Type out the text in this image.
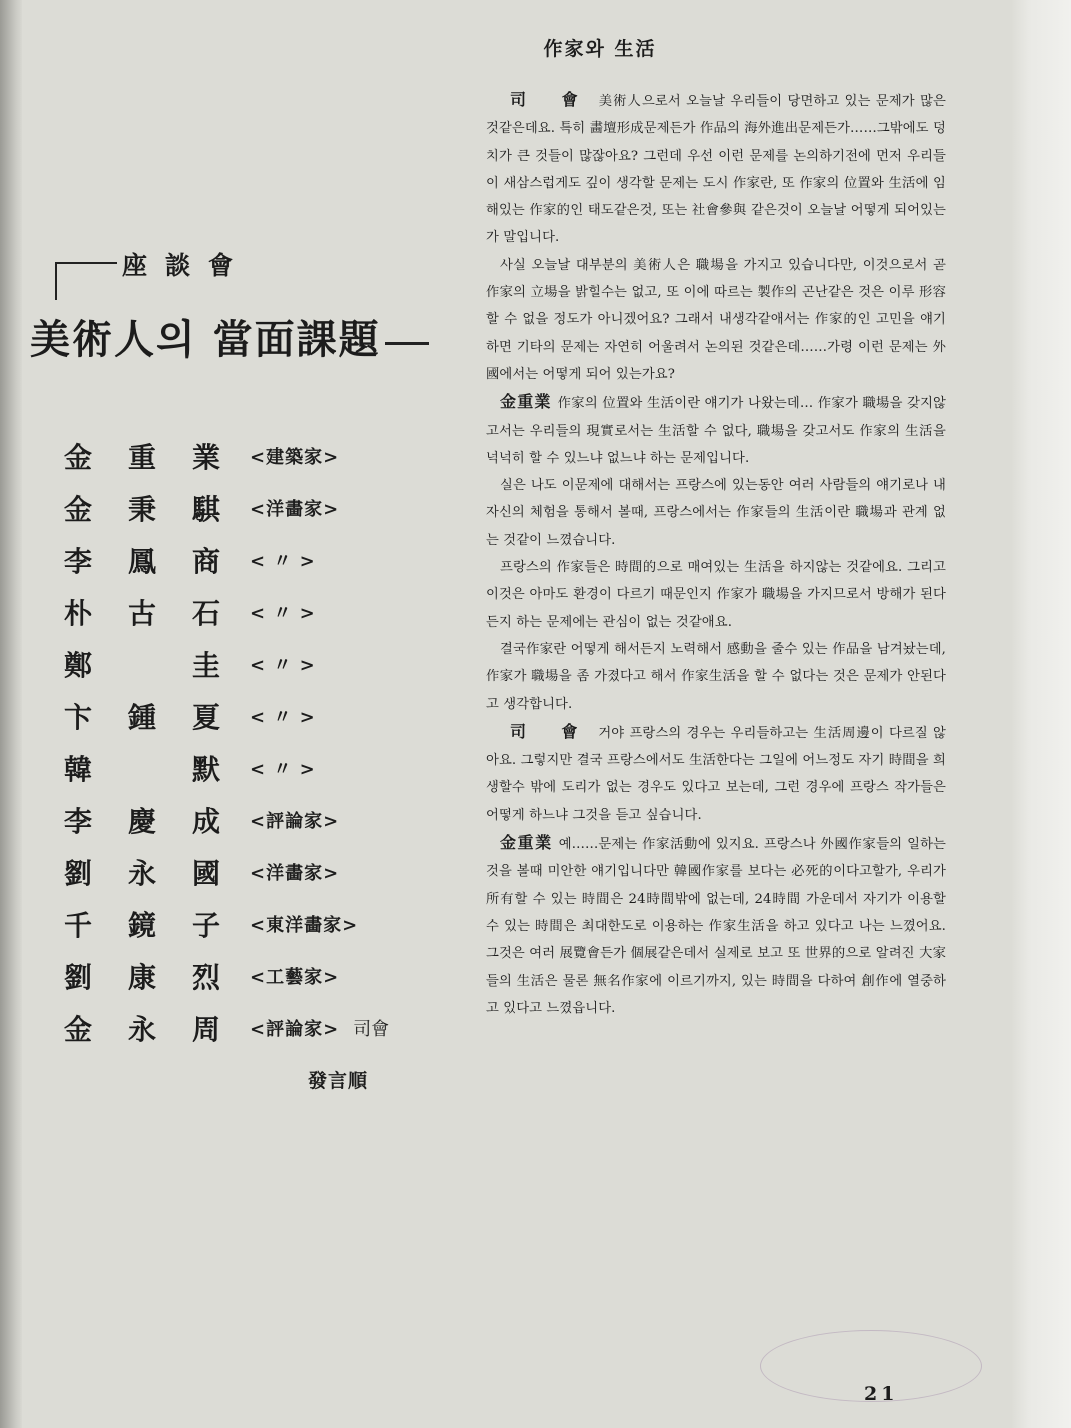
作家와 生活
座談會
美術人의 當面課題
金 重 業 <建築家>
金 秉 騏 <洋畵家>
李 鳳 商 < 〃 >
朴 古 石 < 〃 >
鄭	圭 < 〃 >
卞 鍾 夏 < 〃 >
韓	默 < 〃 >
李 慶 成 <評論家>
劉 永 國 <洋畵家>
千 鏡 子 <東洋畵家>
劉 康 烈 <工藝家>
金 永 周 <評論家> 司會
發言順

司 會 美術人으로서 오늘날 우리들이 당면하고 있는 문제가 많은 것같은데요. 특히 畵壇形成문제든가 作品의 海外進出문제든가……그밖에도 덩치가 큰 것들이 많잖아요? 그런데 우선 이런 문제를 논의하기전에 먼저 우리들이 새삼스럽게도 깊이 생각할 문제는 도시 作家란, 또 作家의 位置와 生活에 임해있는 作家的인 태도같은것, 또는 社會參與 같은것이 오늘날 어떻게 되어있는가 말입니다.

사실 오늘날 대부분의 美術人은 職場을 가지고 있습니다만, 이것으로서 곧 作家의 立場을 밝힐수는 없고, 또 이에 따르는 製作의 곤난같은 것은 이루 形容할 수 없을 정도가 아니겠어요? 그래서 내생각같애서는 作家的인 고민을 얘기하면 기타의 문제는 자연히 어울려서 논의된 것같은데……가령 이런 문제는 外國에서는 어떻게 되어 있는가요?

金重業 作家의 位置와 生活이란 얘기가 나왔는데… 作家가 職場을 갖지않고서는 우리들의 現實로서는 生活할 수 없다, 職場을 갖고서도 作家의 生活을 넉넉히 할 수 있느냐 없느냐 하는 문제입니다.

실은 나도 이문제에 대해서는 프랑스에 있는동안 여러 사람들의 얘기로나 내자신의 체험을 통해서 볼때, 프랑스에서는 作家들의 生活이란 職場과 관계 없는 것같이 느꼈습니다.

프랑스의 作家들은 時間的으로 매여있는 生活을 하지않는 것같에요. 그리고 이것은 아마도 환경이 다르기 때문인지 作家가 職場을 가지므로서 방해가 된다든지 하는 문제에는 관심이 없는 것같애요.

결국作家란 어떻게 해서든지 노력해서 感動을 줄수 있는 作品을 남겨놨는데, 作家가 職場을 좀 가졌다고 해서 作家生活을 할 수 없다는 것은 문제가 안된다고 생각합니다.

司 會 거야 프랑스의 경우는 우리들하고는 生活周邊이 다르질 않아요. 그렇지만 결국 프랑스에서도 生活한다는 그일에 어느정도 자기 時間을 희생할수 밖에 도리가 없는 경우도 있다고 보는데, 그런 경우에 프랑스 작가들은 어떻게 하느냐 그것을 듣고 싶습니다.

金重業 예……문제는 作家活動에 있지요. 프랑스나 外國作家들의 일하는 것을 볼때 미안한 얘기입니다만 韓國作家를 보다는 必死的이다고할가, 우리가 所有할 수 있는 時間은 24時間밖에 없는데, 24時間 가운데서 자기가 이용할 수 있는 時間은 최대한도로 이용하는 作家生活을 하고 있다고 나는 느꼈어요. 그것은 여러 展覽會든가 個展같은데서 실제로 보고 또 世界的으로 알려진 大家들의 生活은 물론 無名作家에 이르기까지, 있는 時間을 다하여 創作에 열중하고 있다고 느꼈읍니다.

21
